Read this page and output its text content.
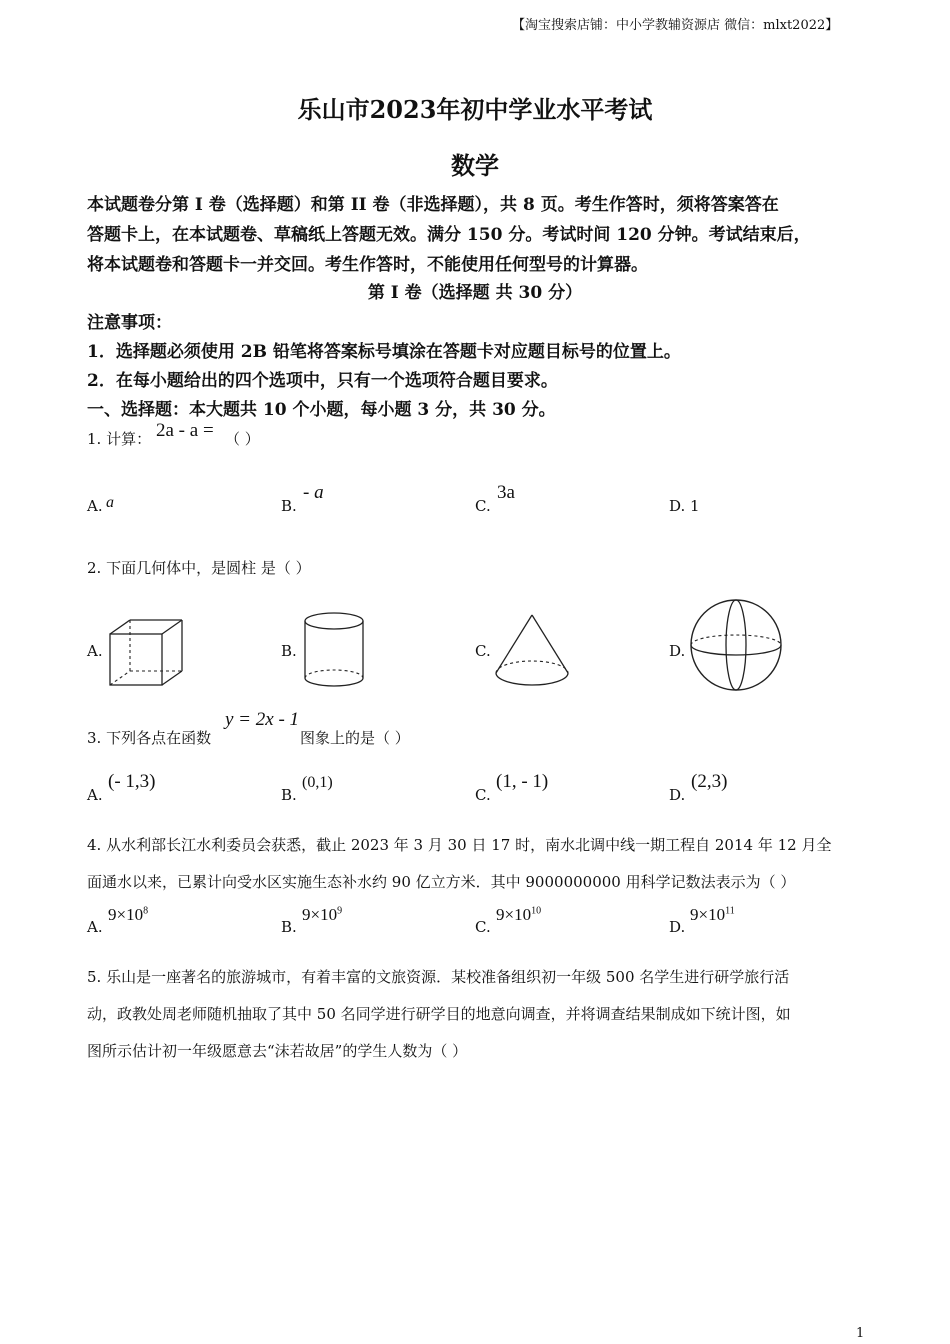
【淘宝搜索店铺：中小学教辅资源店 微信：mlxt2022】
乐山市2023年初中学业水平考试
数学
本试题卷分第 I 卷（选择题）和第 II 卷（非选择题），共 8 页。考生作答时，须将答案答在
答题卡上，在本试题卷、草稿纸上答题无效。满分 150 分。考试时间 120 分钟。考试结束后，
将本试题卷和答题卡一并交回。考生作答时，不能使用任何型号的计算器。
第 I 卷（选择题 共 30 分）
注意事项：
1．选择题必须使用 2B 铅笔将答案标号填涂在答题卡对应题目标号的位置上。
2．在每小题给出的四个选项中，只有一个选项符合题目要求。
一、选择题：本大题共 10 个小题，每小题 3 分，共 30 分。
1. 计算： 2a - a = （ ）
A. a	B.
- a
C.
3a
D. 1
2. 下面几何体中，是圆柱 是（ ）
A.	B.	C.	D.
3. 下列各点在函数
y = 2x - 1
图象上的是（ ）
A.
(- 1,3)
B.
(0,1)
C.
(1, - 1)
D.
(2,3)
4. 从水利部长江水利委员会获悉，截止 2023 年 3 月 30 日 17 时，南水北调中线一期工程自 2014 年 12 月全
面通水以来，已累计向受水区实施生态补水约 90 亿立方米．其中 9000000000 用科学记数法表示为（ ）
A.
$9\times 10^8$
B.
$9\times 10^9$
C.
$9\times 10^{10}$
D.
$9\times 10^{11}$
5. 乐山是一座著名的旅游城市，有着丰富的文旅资源．某校准备组织初一年级 500 名学生进行研学旅行活
动，政教处周老师随机抽取了其中 50 名同学进行研学目的地意向调查，并将调查结果制成如下统计图，如
图所示估计初一年级愿意去“沫若故居”的学生人数为（ ）
1
